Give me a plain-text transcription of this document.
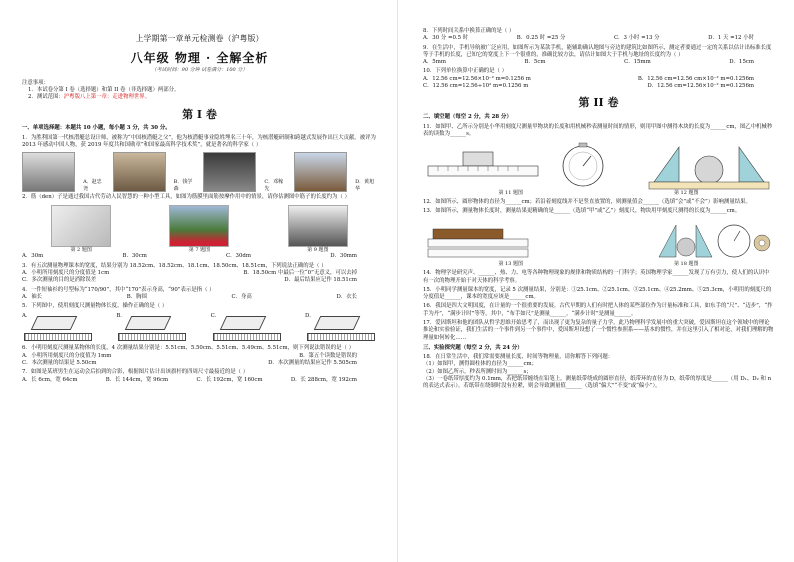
上学期第一章单元检测卷（沪粤版）
八年级 物理 · 全解全析
（考试时间：90 分钟 试卷满分：100 分）
注意事项：
1．本试卷分第 I 卷（选择题）和第 II 卷（非选择题）两部分。
2．测试范围：沪粤版八上第一章：走进物理世界。
第 I 卷
一、单项选择题：本题共 10 小题，每小题 3 分，共 30 分。
1．为胜利国第一代核潜艇总设计师，被称为“中国核潜艇之父”，他为核潜艇事业隐姓埋名三十年，为核潜艇研制和跨越式发展作出巨大贡献。被评为 2013 年感动中国人物，获 2019 年度共和国勋章”和国家最高科学技术奖”，就是著名的科学家（ ）
A．赵忠尧
B．钱学森
C．邓稼先
D．黄旭华
2．筋（den）子是通过我国古代劳动人民智慧的一种小型工具，如图为筋膜里面筋按摩作用中的情景，请你估测图中筋子的长度约为（ ）
第 2 题图	第 7 题图	第 9 题图
A．30m	B．30cm	C．30dm	D．30mm
3．有五次测量物理课本的宽度，结果分别为 18.52cm、18.52cm、18.1cm、18.50cm、18.51cm，下列说法正确的是（ ）
A．小明所用刻度尺的分度值是 1cm	B．18.50cm 中最后一位“0”无意义，可以去掉
C．多次测量的目的是消除误差	D．最后结果应记作 18.51cm
4．一件短袖衫的号型标为“170/90”，其中“170”表示身高，“90”表示是指（ ）
A．袖长	B．胸围	C．身高	D．衣长
5．下列图中，使用刻度尺测量物体长度，操作正确的是（ ）
A．	B．	C．	D．
6．小明用刻度尺测量某物体的长度，4 次测量结果分别是：5.51cm、5.50cm、5.51cm、5.49cm、5.51cm，则下列说法错误的是（ ）
A．小明所用刻度尺的分度值为 1mm	B．第五个读数是错误的
C．本次测量的结果是 5.50cm	D．本次测量的结果应记作 5.505cm
7．如图是某班男生在运动会后拍到的合影，根据图片估计出该旗杆的四周尺寸最接近的是（ ）
A．长 6cm，宽 64cm	B．长 144cm，宽 96cm	C．长 192cm，宽 160cm	D．长 288cm，宽 192cm
8．下列时间关系中换算正确的是（ ）
A．30 分 =0.5 时	B．0.25 时 =25 分	C．3 小时 =13 分	D．1 天 =12 小时
9．在生活中，手机导航被广泛应用，如图所示为某款手机，能辅助确认地图与旁边的建筑比如图所示，测定者要通过一定的关系以估计出标准长度等于手机的长度，已知它的宽度上下一个很重的，准确比较方法，请估计如图大于手机与地址的长度约为（ ）
A．5mm	B．5cm	C．15mm	D．15cm
10．下列单位换算中正确的是（ ）
A．12.56 cm=12.56×10⁻² m=0.1256 m	B．12.56 cm=12.56 cm×10⁻² m=0.1256m
C．12.56 cm=12.56÷10² m=0.1256 m	D．12.56 cm=12.56×10⁻² m=0.1256m
第 II 卷
二、填空题（每空 2 分，共 28 分）
11．如图甲、乙所示分别是小华用刻度尺测量甲物块的长度和用机械秒表测量时间的情形，则用甲图中测得木块的长度为______cm，图乙中机械秒表的读数为______s。
第 11 题图	第 12 题图
12．如图所示，圆形物体的直径为______cm；若沿着刻度线并不是竖直放置的，则测量值会______（选填“会”或“不会”）影响测量结果。
13．如图所示，测量物体长度时，测量结果更精确的是______（选填“甲”或“乙”）刻度尺，物块用甲刻度尺测得的长度为______cm。
第 13 题图	第 18 题图
14．物理学是研究声、______、热、力、电等各种物理现象的规律和物质结构的一门科学；英国物理学家______发现了万有引力，使人们的认识中有一次的物理开始于对天体的科学考察。
15．小明同学测量课本的宽度，记录 5 次测量结果，分别是：①25.1cm、②25.1cm、③25.1cm、④25.2mm、⑤25.3cm，小明用的刻度尺的分度值是______，课本的宽度应该是______cm。
16．我国是四大文明国度，在计量的一个很重要的发展。古代早期的人们有时把人体的某些部位作为计量标准和工具，如东手的“尺”、“迈步”，“拃手为丹”，“满步计时”等等，其中，“布手如尺”是测量______，“满步计时”是测量______。
17．爱因斯坦和他的团队从哲学思维开始思考了，而出现了更为复杂的量子力学，此乃物理科学发展中的重大突破，爱因斯坦在这个领域中的理论推论和实验验证，我们生活的一个事件到另一个事件中，爱因斯坦设想了一个惯性参照系——基本的惯性，并在这里引入了相对论，对我们理解的物理量如何转化……
三、实验探究题（每空 2 分，共 24 分）
18．在日常生活中，我们常需要测量长度、时间等物理量，请你解答下列问题：
（1）如图甲，测得圆柱体的直径为______cm；
（2）如图乙所示，秒表所测时间为______s；
（3）一卷纸带厚度约为 0.1mm，若把纸带缠绕在铅笔上，测量纸带绕成的圆形直径，纸带环的直径为 D，纸带的厚度是______（用 D₁、D₂ 和 n 的表达式表示）。若纸带在绕制时没有拉紧，则会导致测量值______（选填“偏大”“不变”或“偏小”）。
